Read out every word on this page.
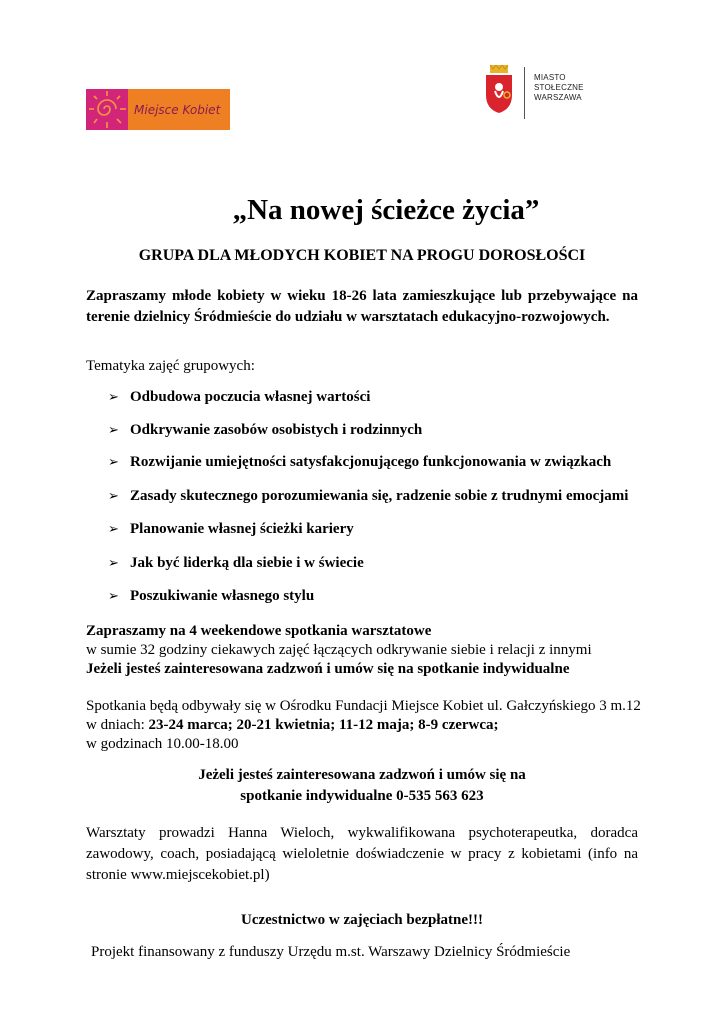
Miejsce Kobiet
MIASTO
STOŁECZNE
WARSZAWA
„Na nowej ścieżce życia”
GRUPA DLA MŁODYCH KOBIET NA PROGU DOROSŁOŚCI
Zapraszamy młode kobiety w wieku 18-26 lata zamieszkujące lub przebywające na terenie dzielnicy Śródmieście do udziału w warsztatach edukacyjno-rozwojowych.
Tematyka zajęć grupowych:
➢ Odbudowa poczucia własnej wartości
➢ Odkrywanie zasobów osobistych i rodzinnych
➢ Rozwijanie umiejętności satysfakcjonującego funkcjonowania w związkach
➢ Zasady skutecznego porozumiewania się, radzenie sobie z trudnymi emocjami
➢ Planowanie własnej ścieżki kariery
➢ Jak być liderką dla siebie i w świecie
➢ Poszukiwanie własnego stylu
Zapraszamy na 4 weekendowe spotkania warsztatowe
w sumie 32 godziny ciekawych zajęć łączących odkrywanie siebie i relacji z innymi
Jeżeli jesteś zainteresowana zadzwoń i umów się na spotkanie indywidualne
Spotkania będą odbywały się w Ośrodku Fundacji Miejsce Kobiet ul. Gałczyńskiego 3 m.12
w dniach: 23-24 marca; 20-21 kwietnia; 11-12 maja; 8-9 czerwca;
w godzinach 10.00-18.00
Jeżeli jesteś zainteresowana zadzwoń i umów się na
spotkanie indywidualne 0-535 563 623
Warsztaty prowadzi Hanna Wieloch, wykwalifikowana psychoterapeutka, doradca zawodowy, coach, posiadającą wieloletnie doświadczenie w pracy z kobietami (info na stronie www.miejscekobiet.pl)
Uczestnictwo w zajęciach bezpłatne!!!
Projekt finansowany z funduszy Urzędu m.st. Warszawy Dzielnicy Śródmieście
